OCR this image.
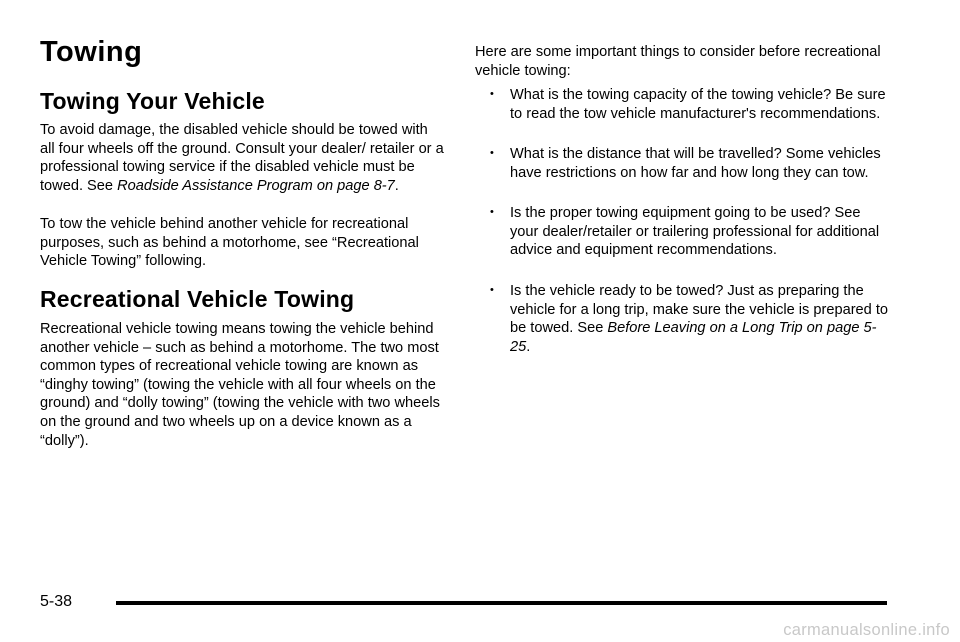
Towing
Towing Your Vehicle

To avoid damage, the disabled vehicle should be towed with all four wheels off the ground. Consult your dealer/ retailer or a professional towing service if the disabled vehicle must be towed. See Roadside Assistance Program on page 8-7.

To tow the vehicle behind another vehicle for recreational purposes, such as behind a motorhome, see “Recreational Vehicle Towing” following.

Recreational Vehicle Towing

Recreational vehicle towing means towing the vehicle behind another vehicle – such as behind a motorhome. The two most common types of recreational vehicle towing are known as “dinghy towing” (towing the vehicle with all four wheels on the ground) and “dolly towing” (towing the vehicle with two wheels on the ground and two wheels up on a device known as a “dolly”).

Here are some important things to consider before recreational vehicle towing:

• What is the towing capacity of the towing vehicle? Be sure to read the tow vehicle manufacturer's recommendations.

• What is the distance that will be travelled? Some vehicles have restrictions on how far and how long they can tow.

• Is the proper towing equipment going to be used? See your dealer/retailer or trailering professional for additional advice and equipment recommendations.

• Is the vehicle ready to be towed? Just as preparing the vehicle for a long trip, make sure the vehicle is prepared to be towed. See Before Leaving on a Long Trip on page 5-25.

5-38
carmanualsonline.info
